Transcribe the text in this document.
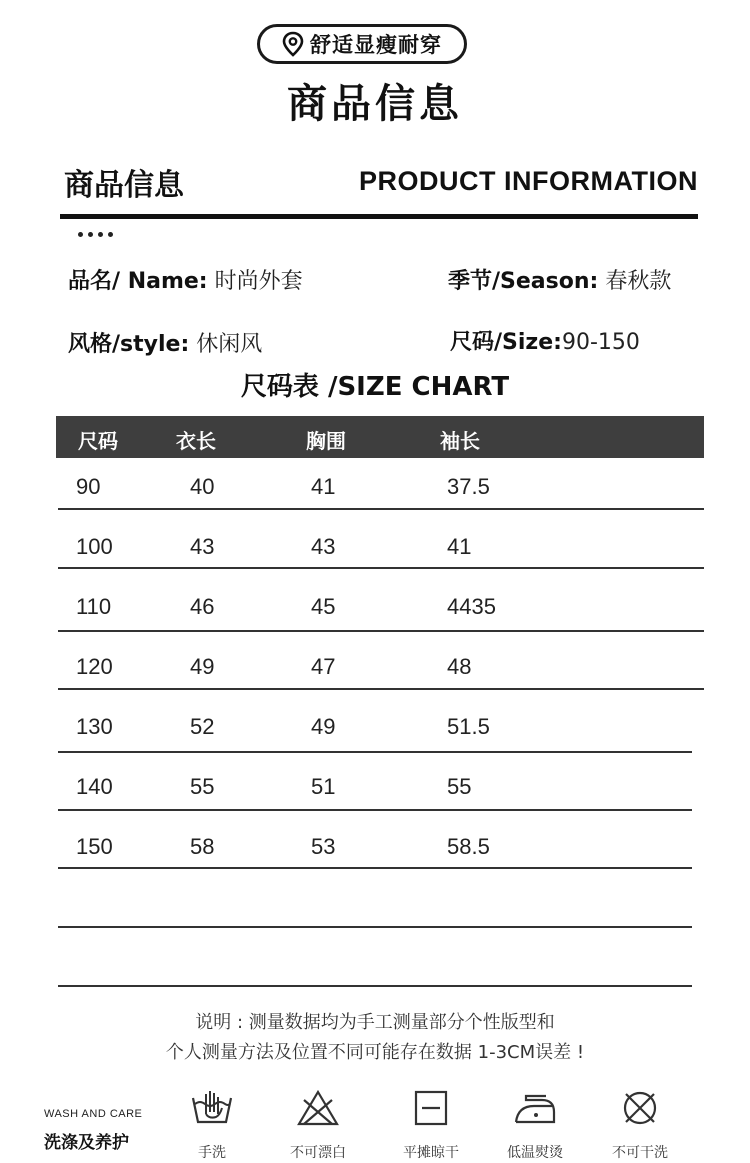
舒适显瘦耐穿
商品信息
商品信息	PRODUCT INFORMATION
品名/ Name: 时尚外套	季节/Season: 春秋款
风格/style: 休闲风	尺码/Size:90-150
尺码表 /SIZE CHART
尺码	衣长	胸围	袖长
90	40	41	37.5
100	43	43	41
110	46	45	4435
120	49	47	48
130	52	49	51.5
140	55	51	55
150	58	53	58.5
说明 : 测量数据均为手工测量部分个性版型和
个人测量方法及位置不同可能存在数据 1-3CM误差 !
WASH AND CARE
洗涤及养护	手洗	不可漂白	平摊晾干	低温熨烫	不可干洗
